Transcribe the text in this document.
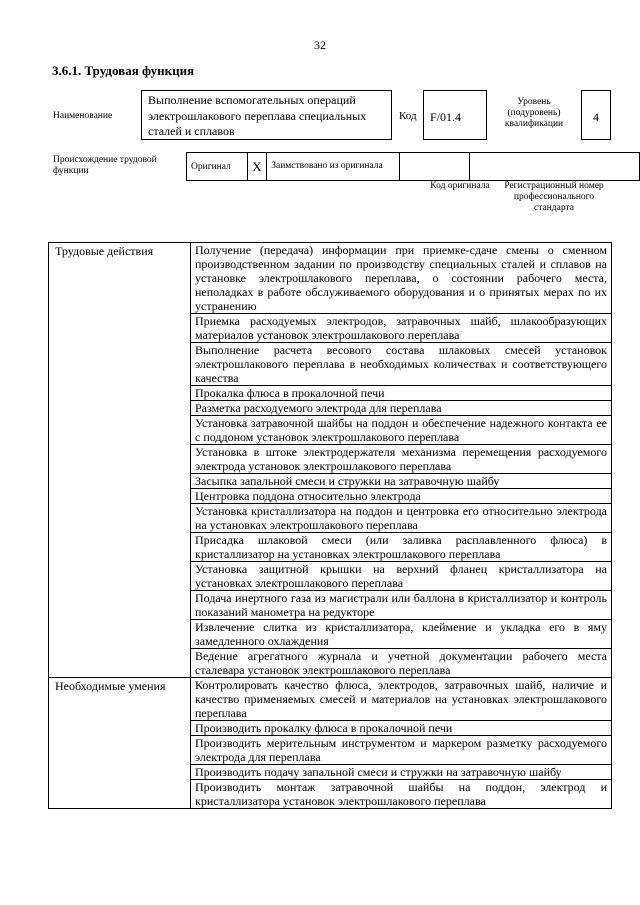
32
3.6.1. Трудовая функция
Наименование
Выполнение вспомогательных операций электрошлакового переплава специальных сталей и сплавов
Код	F/01.4
Уровень (подуровень) квалификации	4
Происхождение трудовой функции	Оригинал	X	Заимствовано из оригинала		
Код оригинала	Регистрационный номер профессионального стандарта
Трудовые действия	Получение (передача) информации при приемке-сдаче смены о сменном производственном задании по производству специальных сталей и сплавов на установке электрошлакового переплава, о состоянии рабочего места, неполадках в работе обслуживаемого оборудования и о принятых мерах по их устранению
	Приемка расходуемых электродов, затравочных шайб, шлакообразующих материалов установок электрошлакового переплава
	Выполнение расчета весового состава шлаковых смесей установок электрошлакового переплава в необходимых количествах и соответствующего качества
	Прокалка флюса в прокалочной печи
	Разметка расходуемого электрода для переплава
	Установка затравочной шайбы на поддон и обеспечение надежного контакта ее с поддоном установок электрошлакового переплава
	Установка в штоке электродержателя механизма перемещения расходуемого электрода установок электрошлакового переплава
	Засыпка запальной смеси и стружки на затравочную шайбу
	Центровка поддона относительно электрода
	Установка кристаллизатора на поддон и центровка его относительно электрода на установках электрошлакового переплава
	Присадка шлаковой смеси (или заливка расплавленного флюса) в кристаллизатор на установках электрошлакового переплава
	Установка защитной крышки на верхний фланец кристаллизатора на установках электрошлакового переплава
	Подача инертного газа из магистрали или баллона в кристаллизатор и контроль показаний манометра на редукторе
	Извлечение слитка из кристаллизатора, клеймение и укладка его в яму замедленного охлаждения
	Ведение агрегатного журнала и учетной документации рабочего места сталевара установок электрошлакового переплава
Необходимые умения	Контролировать качество флюса, электродов, затравочных шайб, наличие и качество применяемых смесей и материалов на установках электрошлакового переплава
	Производить прокалку флюса в прокалочной печи
	Производить мерительным инструментом и маркером разметку расходуемого электрода для переплава
	Производить подачу запальной смеси и стружки на затравочную шайбу
	Производить монтаж затравочной шайбы на поддон, электрод и кристаллизатора установок электрошлакового переплава
